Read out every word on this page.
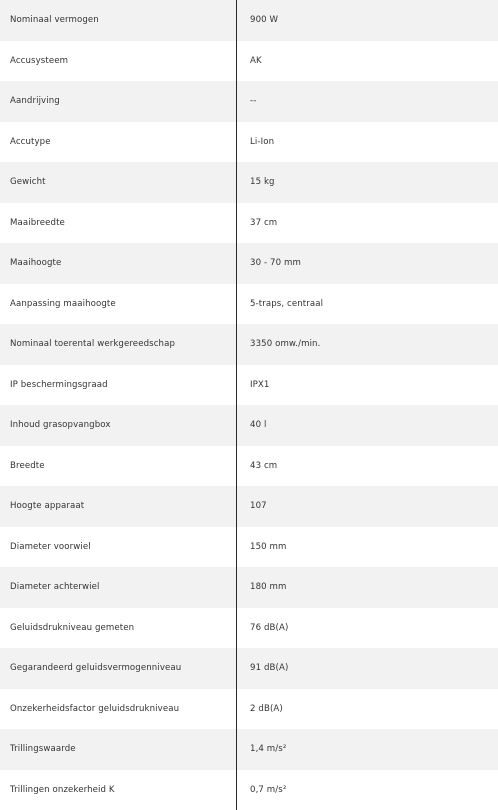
Nominaal vermogen	900 W
Accusysteem	AK
Aandrijving	--
Accutype	Li-Ion
Gewicht	15 kg
Maaibreedte	37 cm
Maaihoogte	30 - 70 mm
Aanpassing maaihoogte	5-traps, centraal
Nominaal toerental werkgereedschap	3350 omw./min.
IP beschermingsgraad	IPX1
Inhoud grasopvangbox	40 l
Breedte	43 cm
Hoogte apparaat	107
Diameter voorwiel	150 mm
Diameter achterwiel	180 mm
Geluidsdrukniveau gemeten	76 dB(A)
Gegarandeerd geluidsvermogenniveau	91 dB(A)
Onzekerheidsfactor geluidsdrukniveau	2 dB(A)
Trillingswaarde	1,4 m/s²
Trillingen onzekerheid K	0,7 m/s²
